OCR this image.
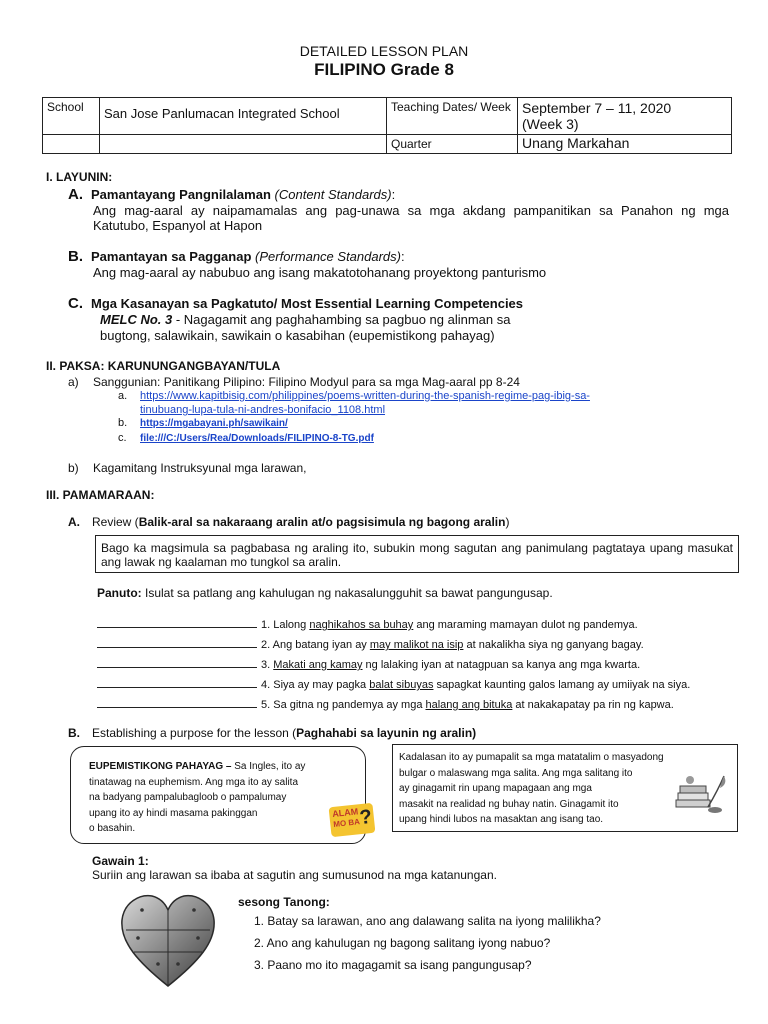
DETAILED LESSON PLAN
FILIPINO Grade 8
School	San Jose Panlumacan Integrated School	Teaching Dates/ Week	September 7 – 11, 2020
(Week 3)

		Quarter	Unang Markahan
I. LAYUNIN:
A. Pamantayang Pangnilalaman (Content Standards):
Ang mag-aaral ay naipamamalas ang pag-unawa sa mga akdang pampanitikan sa Panahon ng mga Katutubo, Espanyol at Hapon
B. Pamantayan sa Pagganap (Performance Standards):
Ang mag-aaral ay nabubuo ang isang makatotohanang proyektong panturismo
C. Mga Kasanayan sa Pagkatuto/ Most Essential Learning Competencies
MELC No. 3 - Nagagamit ang paghahambing sa pagbuo ng alinman sa
bugtong, salawikain, sawikain o kasabihan (eupemistikong pahayag)
II. PAKSA: KARUNUNGANGBAYAN/TULA
a) Sanggunian: Panitikang Pilipino: Filipino Modyul para sa mga Mag-aaral pp 8-24
a. https://www.kapitbisig.com/philippines/poems-written-during-the-spanish-regime-pag-ibig-sa-
tinubuang-lupa-tula-ni-andres-bonifacio_1108.html
b. https://mgabayani.ph/sawikain/
c. file:///C:/Users/Rea/Downloads/FILIPINO-8-TG.pdf
b) Kagamitang Instruksyunal mga larawan,
III. PAMAMARAAN:
A. Review (Balik-aral sa nakaraang aralin at/o pagsisimula ng bagong aralin)
Bago ka magsimula sa pagbabasa ng araling ito, subukin mong sagutan ang panimulang pagtataya upang masukat ang lawak ng kaalaman mo tungkol sa aralin.
Panuto: Isulat sa patlang ang kahulugan ng nakasalungguhit sa bawat pangungusap.
1. Lalong naghikahos sa buhay ang maraming mamayan dulot ng pandemya.
2. Ang batang iyan ay may malikot na isip at nakalikha siya ng ganyang bagay.
3. Makati ang kamay ng lalaking iyan at natagpuan sa kanya ang mga kwarta.
4. Siya ay may pagka balat sibuyas sapagkat kaunting galos lamang ay umiiyak na siya.
5. Sa gitna ng pandemya ay mga halang ang bituka at nakakapatay pa rin ng kapwa.
B. Establishing a purpose for the lesson (Paghahabi sa layunin ng aralin)
EUPEMISTIKONG PAHAYAG – Sa Ingles, ito ay
tinatawag na euphemism. Ang mga ito ay salita
na badyang pampalubagloob o pampalumay
upang ito ay hindi masama pakinggan
o basahin.
ALAM
MO BA
?
Kadalasan ito ay pumapalit sa mga matatalim o masyadong
bulgar o malaswang mga salita. Ang mga salitang ito
ay ginagamit rin upang mapagaan ang mga
masakit na realidad ng buhay natin. Ginagamit ito
upang hindi lubos na masaktan ang isang tao.
Gawain 1:
Suriin ang larawan sa ibaba at sagutin ang sumusunod na mga katanungan.
sesong Tanong:
1. Batay sa larawan, ano ang dalawang salita na iyong malilikha?
2. Ano ang kahulugan ng bagong salitang iyong nabuo?
3. Paano mo ito magagamit sa isang pangungusap?
